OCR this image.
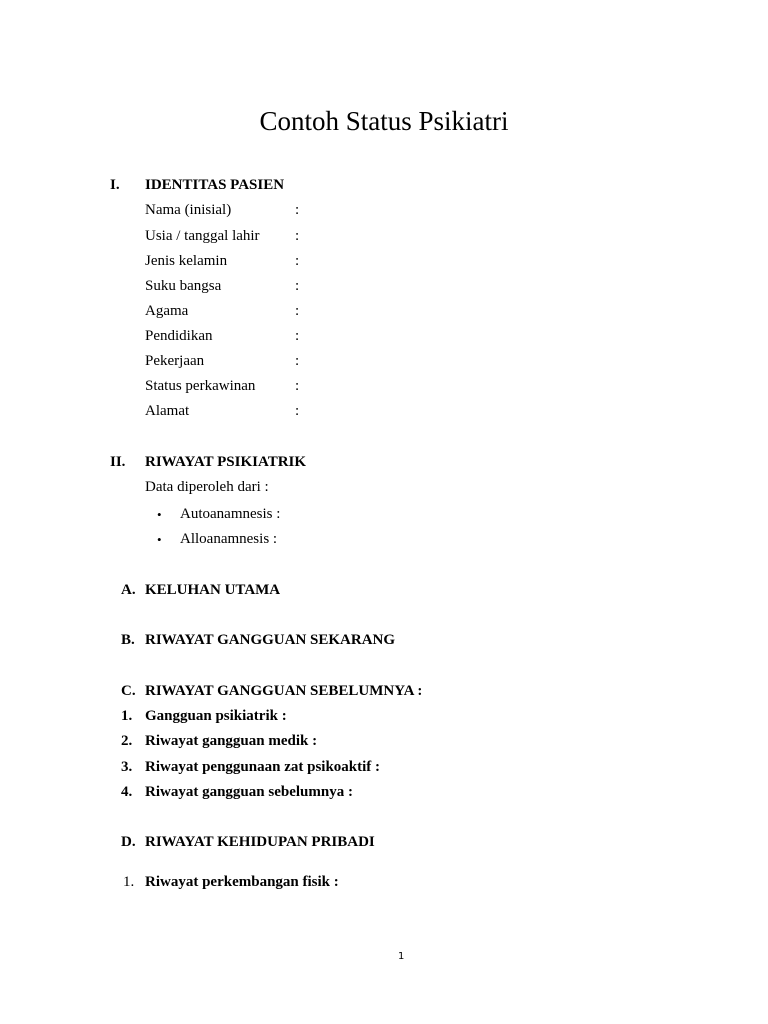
Contoh Status Psikiatri
I. IDENTITAS PASIEN
Nama (inisial)	:
Usia / tanggal lahir :
Jenis kelamin	:
Suku bangsa	:
Agama	:
Pendidikan	:
Pekerjaan	:
Status perkawinan	:
Alamat	:
II. RIWAYAT PSIKIATRIK
Data diperoleh dari :
• Autoanamnesis :
• Alloanamnesis :
A. KELUHAN UTAMA
B. RIWAYAT GANGGUAN SEKARANG
C. RIWAYAT GANGGUAN SEBELUMNYA :
1. Gangguan psikiatrik :
2. Riwayat gangguan medik :
3. Riwayat penggunaan zat psikoaktif :
4. Riwayat gangguan sebelumnya :
D. RIWAYAT KEHIDUPAN PRIBADI
1. Riwayat perkembangan fisik :
1
